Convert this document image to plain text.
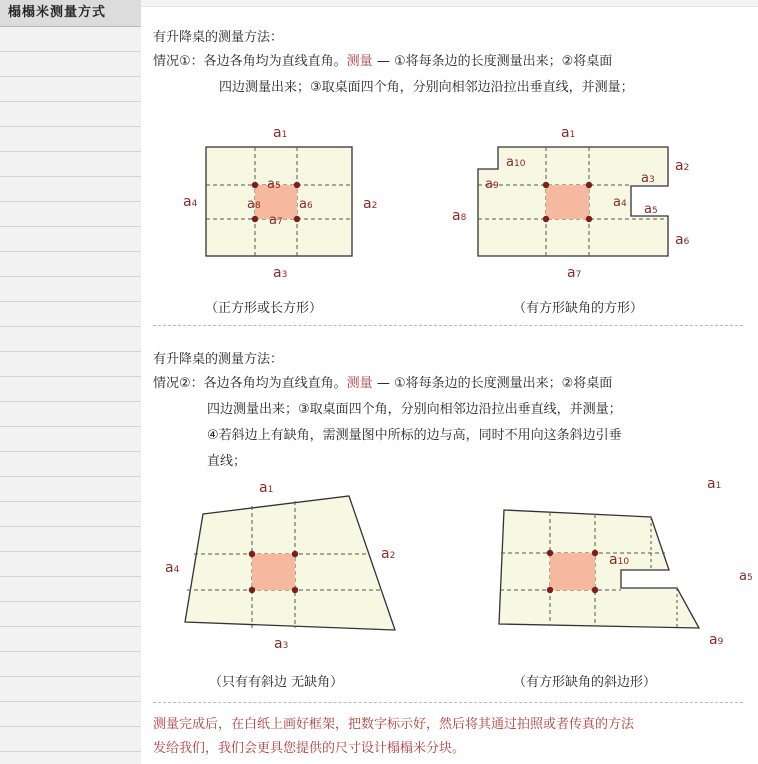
榻榻米测量方式
有升降桌的测量方法：
情况①：各边各角均为直线直角。测量 — ①将每条边的长度测量出来；②将桌面
四边测量出来；③取桌面四个角，分别向相邻边沿拉出垂直线，并测量；
a1
a2
a3
a4
a5
a6
a7
a8
（正方形或长方形）
a1
a2
a3
a4 a5
a6
a7
a8
a9
a10
（有方形缺角的方形）
有升降桌的测量方法：
情况②：各边各角均为直线直角。测量 — ①将每条边的长度测量出来；②将桌面
四边测量出来；③取桌面四个角，分别向相邻边沿拉出垂直线，并测量；
④若斜边上有缺角，需测量图中所标的边与高，同时不用向这条斜边引垂
直线；
a1
a2
a3
a4
（只有有斜边 无缺角）
a1
a5
a9
a10
（有方形缺角的斜边形）
测量完成后，在白纸上画好框架，把数字标示好，然后将其通过拍照或者传真的方法
发给我们，我们会更具您提供的尺寸设计榻榻米分块。
